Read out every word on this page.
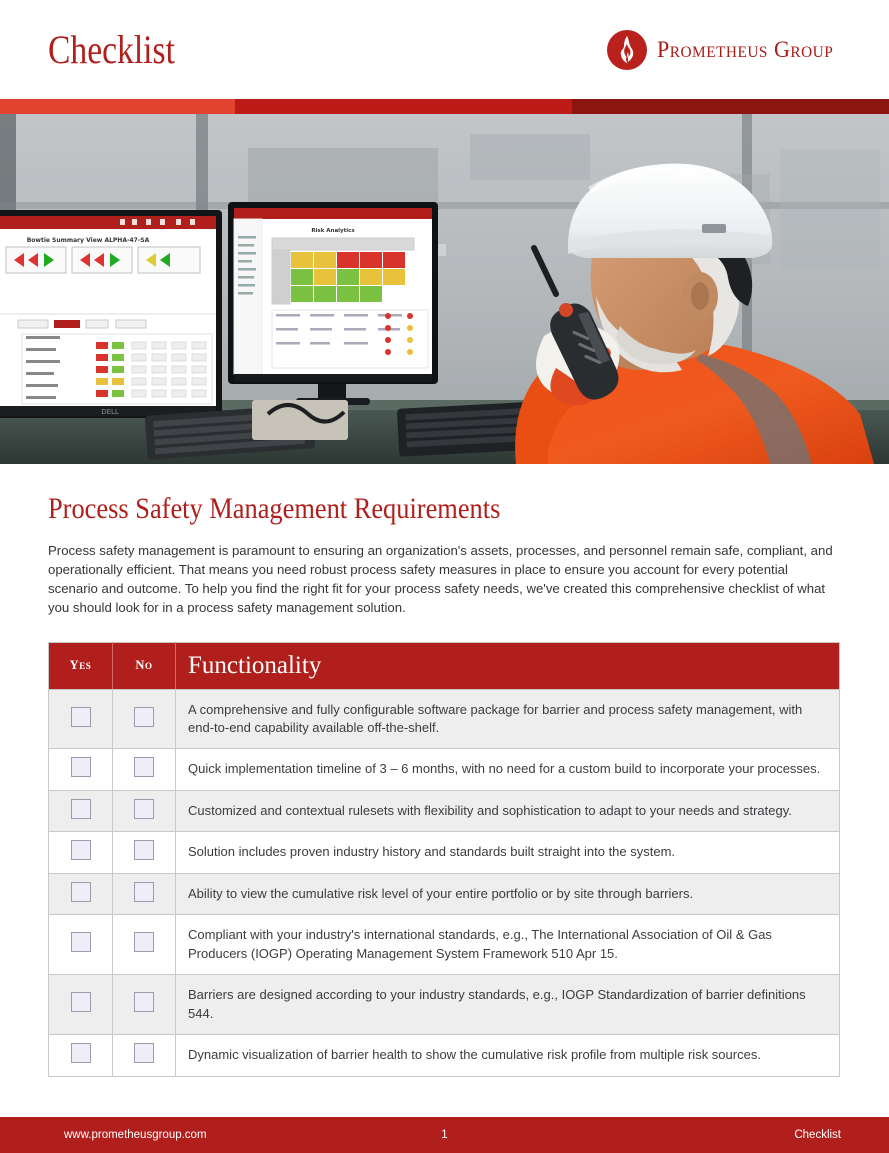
Checklist	Prometheus Group
Bowtie Summary View ALPHA-47-SA
DELL
Risk Analytics
Process Safety Management Requirements

Process safety management is paramount to ensuring an organization's assets, processes, and personnel remain safe, compliant, and operationally efficient. That means you need robust process safety measures in place to ensure you account for every potential scenario and outcome. To help you find the right fit for your process safety needs, we've created this comprehensive checklist of what you should look for in a process safety management solution.

Yes	No	Functionality
		A comprehensive and fully configurable software package for barrier and process safety management, with end-to-end capability available off-the-shelf.
		Quick implementation timeline of 3 – 6 months, with no need for a custom build to incorporate your processes.
		Customized and contextual rulesets with flexibility and sophistication to adapt to your needs and strategy.
		Solution includes proven industry history and standards built straight into the system.
		Ability to view the cumulative risk level of your entire portfolio or by site through barriers.
		Compliant with your industry's international standards, e.g., The International Association of Oil & Gas Producers (IOGP) Operating Management System Framework 510 Apr 15.
		Barriers are designed according to your industry standards, e.g., IOGP Standardization of barrier definitions 544.
		Dynamic visualization of barrier health to show the cumulative risk profile from multiple risk sources.
www.prometheusgroup.com	1	Checklist
